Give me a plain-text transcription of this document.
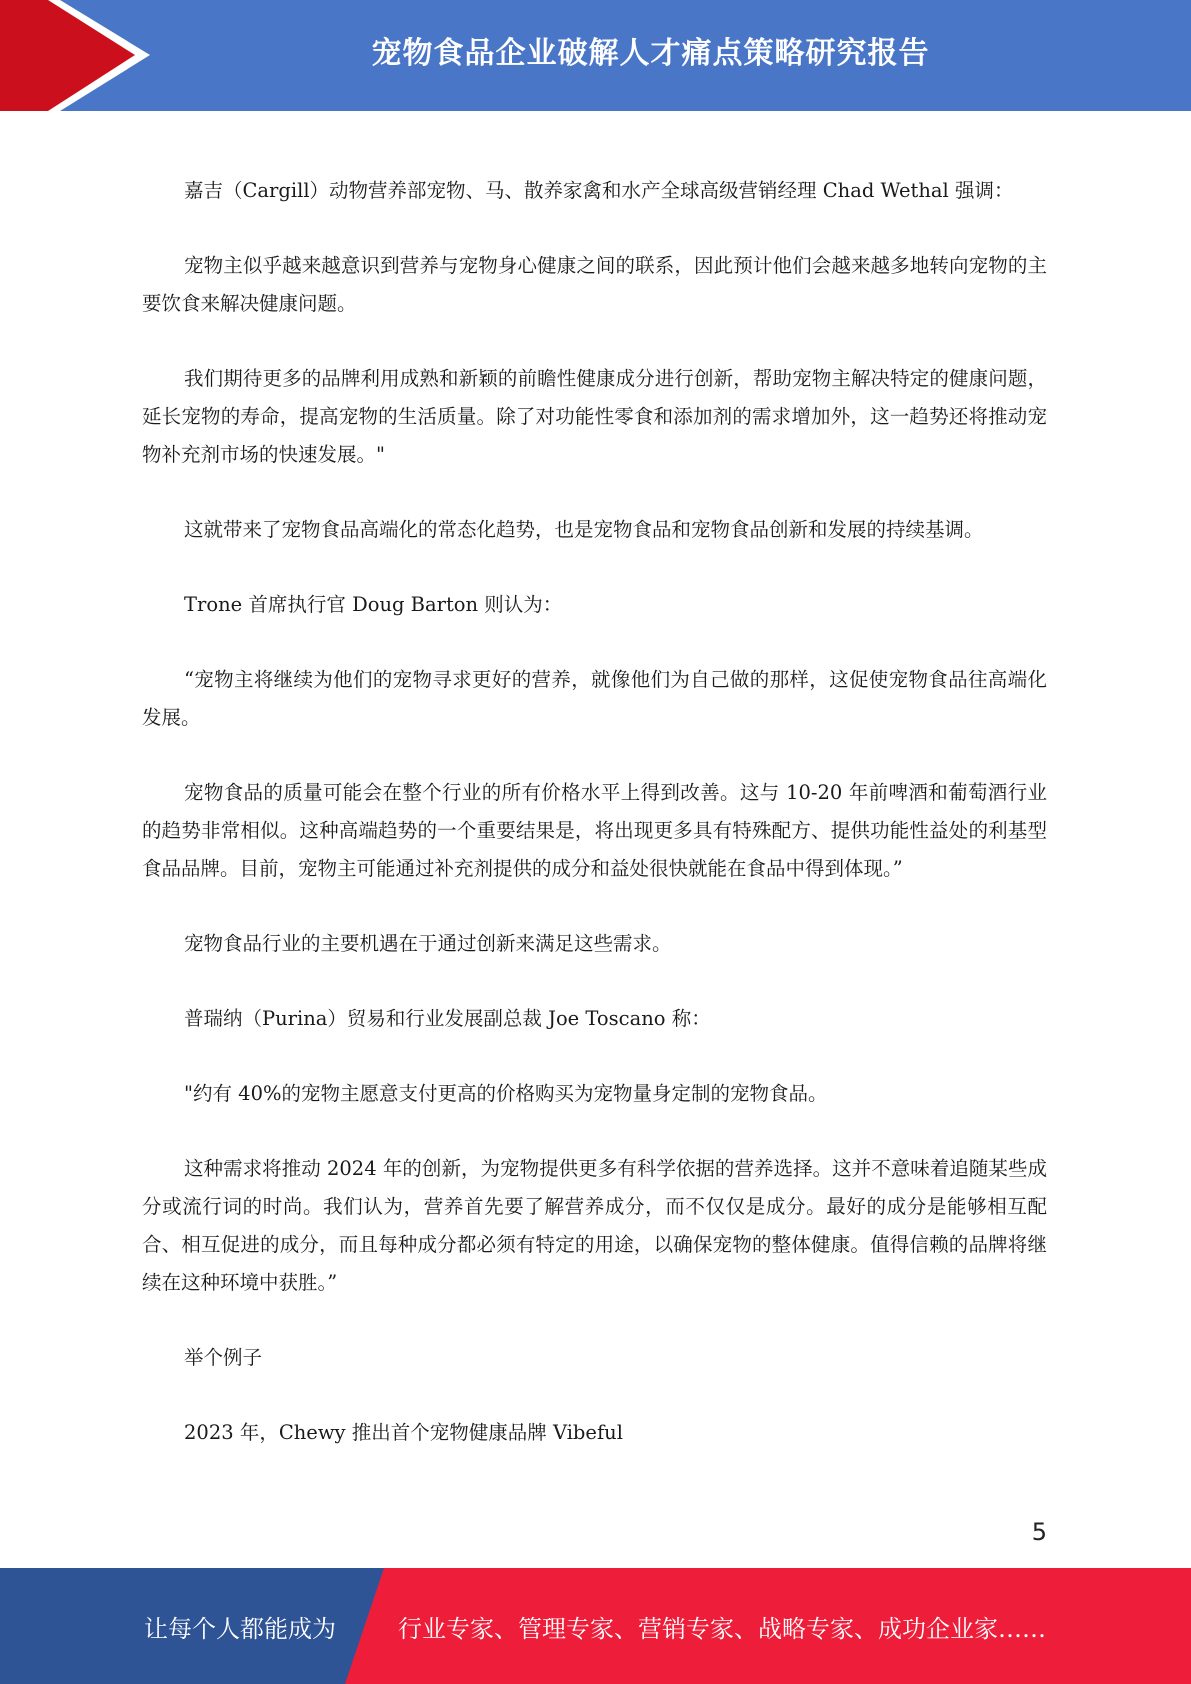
宠物食品企业破解人才痛点策略研究报告

嘉吉（Cargill）动物营养部宠物、马、散养家禽和水产全球高级营销经理 Chad Wethal 强调：

宠物主似乎越来越意识到营养与宠物身心健康之间的联系，因此预计他们会越来越多地转向宠物的主要饮食来解决健康问题。

我们期待更多的品牌利用成熟和新颖的前瞻性健康成分进行创新，帮助宠物主解决特定的健康问题，延长宠物的寿命，提高宠物的生活质量。除了对功能性零食和添加剂的需求增加外，这一趋势还将推动宠物补充剂市场的快速发展。"

这就带来了宠物食品高端化的常态化趋势，也是宠物食品和宠物食品创新和发展的持续基调。

Trone 首席执行官 Doug Barton 则认为：

“宠物主将继续为他们的宠物寻求更好的营养，就像他们为自己做的那样，这促使宠物食品往高端化发展。

宠物食品的质量可能会在整个行业的所有价格水平上得到改善。这与 10-20 年前啤酒和葡萄酒行业的趋势非常相似。这种高端趋势的一个重要结果是，将出现更多具有特殊配方、提供功能性益处的利基型食品品牌。目前，宠物主可能通过补充剂提供的成分和益处很快就能在食品中得到体现。”

宠物食品行业的主要机遇在于通过创新来满足这些需求。

普瑞纳（Purina）贸易和行业发展副总裁 Joe Toscano 称：

"约有 40%的宠物主愿意支付更高的价格购买为宠物量身定制的宠物食品。

这种需求将推动 2024 年的创新，为宠物提供更多有科学依据的营养选择。这并不意味着追随某些成分或流行词的时尚。我们认为，营养首先要了解营养成分，而不仅仅是成分。最好的成分是能够相互配合、相互促进的成分，而且每种成分都必须有特定的用途，以确保宠物的整体健康。值得信赖的品牌将继续在这种环境中获胜。”

举个例子

2023 年，Chewy 推出首个宠物健康品牌 Vibeful

5
让每个人都能成为	行业专家、管理专家、营销专家、战略专家、成功企业家……
